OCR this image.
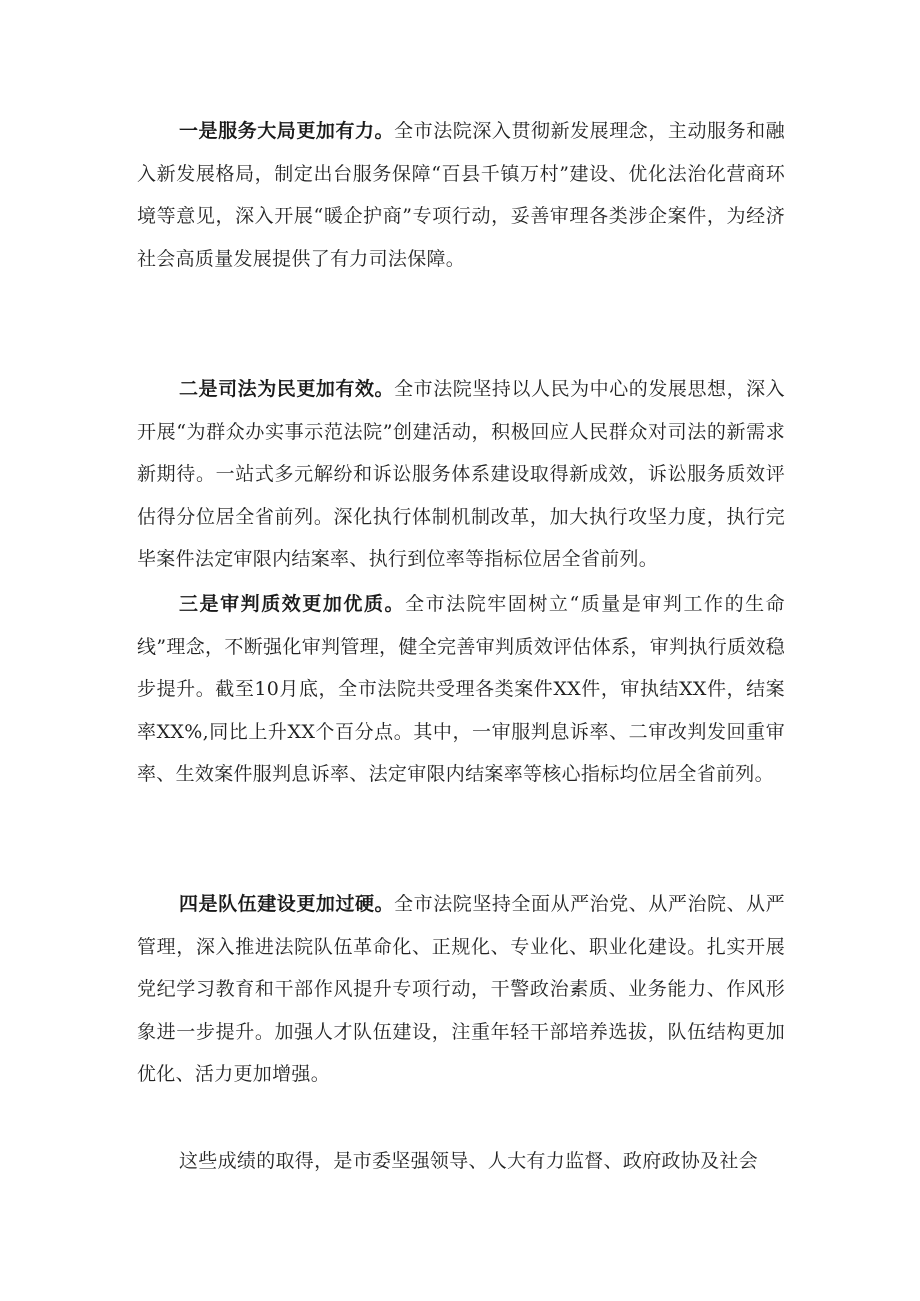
一是服务大局更加有力。全市法院深入贯彻新发展理念，主动服务和融入新发展格局，制定出台服务保障“百县千镇万村”建设、优化法治化营商环境等意见，深入开展“暖企护商”专项行动，妥善审理各类涉企案件，为经济社会高质量发展提供了有力司法保障。

二是司法为民更加有效。全市法院坚持以人民为中心的发展思想，深入开展“为群众办实事示范法院”创建活动，积极回应人民群众对司法的新需求新期待。一站式多元解纷和诉讼服务体系建设取得新成效，诉讼服务质效评估得分位居全省前列。深化执行体制机制改革，加大执行攻坚力度，执行完毕案件法定审限内结案率、执行到位率等指标位居全省前列。

三是审判质效更加优质。全市法院牢固树立“质量是审判工作的生命线”理念，不断强化审判管理，健全完善审判质效评估体系，审判执行质效稳步提升。截至10月底，全市法院共受理各类案件XX件，审执结XX件，结案率XX%,同比上升XX个百分点。其中，一审服判息诉率、二审改判发回重审率、生效案件服判息诉率、法定审限内结案率等核心指标均位居全省前列。

四是队伍建设更加过硬。全市法院坚持全面从严治党、从严治院、从严管理，深入推进法院队伍革命化、正规化、专业化、职业化建设。扎实开展党纪学习教育和干部作风提升专项行动，干警政治素质、业务能力、作风形象进一步提升。加强人才队伍建设，注重年轻干部培养选拔，队伍结构更加优化、活力更加增强。

这些成绩的取得，是市委坚强领导、人大有力监督、政府政协及社会
